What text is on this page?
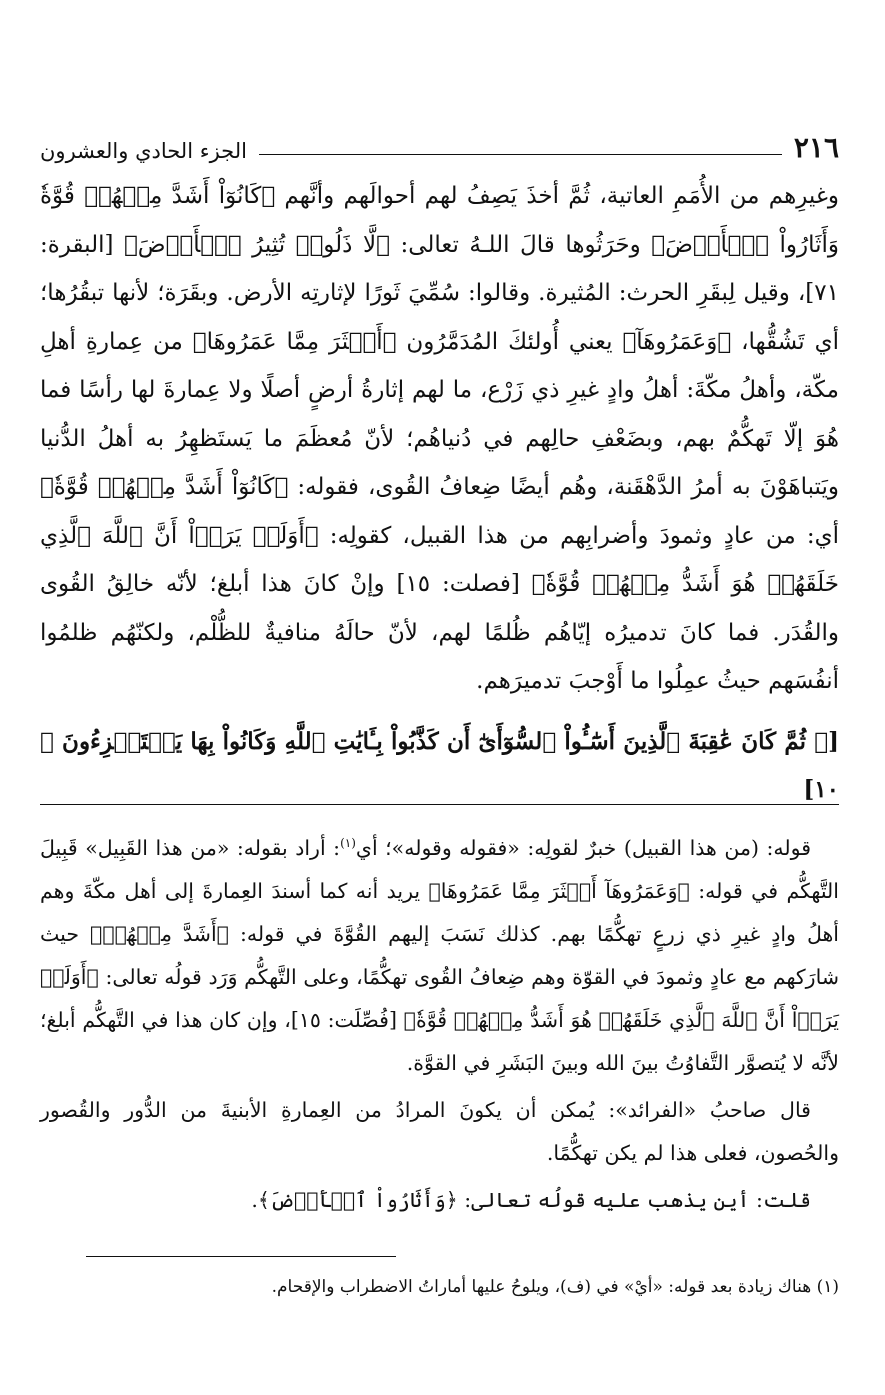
٢١٦
الجزء الحادي والعشرون

وغيرِهم من الأُمَمِ العاتية، ثُمَّ أخذَ يَصِفُ لهم أحوالَهم وأنَّهم ﴿كَانُوٓاْ أَشَدَّ مِنۡهُمۡ قُوَّةٗ وَأَثَارُواْ ٱلۡأَرۡضَ﴾ وحَرَثُوها قالَ اللـهُ تعالى: ﴿لَّا ذَلُولٞ تُثِيرُ ٱلۡأَرۡضَ﴾ [البقرة: ٧١]، وقيل لِبقَرِ الحرث: المُثيرة. وقالوا: سُمِّيَ ثَورًا لإثارتِه الأرض. وبقَرَة؛ لأنها تبقُرُها؛ أي تَشُقُّها، ﴿وَعَمَرُوهَآ﴾ يعني أُولئكَ المُدَمَّرُون ﴿أَكۡثَرَ مِمَّا عَمَرُوهَا﴾ من عِمارةِ أهلِ مكّة، وأهلُ مكّةَ: أهلُ وادٍ غيرِ ذي زَرْع، ما لهم إثارةُ أرضٍ أصلًا ولا عِمارةَ لها رأسًا فما هُوَ إلّا تَهكُّمٌ بهم، وبضَعْفِ حالِهم في دُنياهُم؛ لأنّ مُعظَمَ ما يَستَظهِرُ به أهلُ الدُّنيا ويَتباهَوْنَ به أمرُ الدَّهْقَنة، وهُم أيضًا ضِعافُ القُوى، فقوله: ﴿كَانُوٓاْ أَشَدَّ مِنۡهُمۡ قُوَّةٗ﴾ أي: من عادٍ وثمودَ وأضرابِهم من هذا القبيل، كقولِه: ﴿أَوَلَمۡ يَرَوۡاْ أَنَّ ٱللَّهَ ٱلَّذِي خَلَقَهُمۡ هُوَ أَشَدُّ مِنۡهُمۡ قُوَّةٗ﴾ [فصلت: ١٥] وإنْ كانَ هذا أبلغ؛ لأنّه خالِقُ القُوى والقُدَر. فما كانَ تدميرُه إيّاهُم ظُلمًا لهم، لأنّ حالَهُ منافيةٌ للظُّلْم، ولكنّهُم ظلمُوا أنفُسَهم حيثُ عمِلُوا ما أَوْجبَ تدميرَهم.

[﴿ ثُمَّ كَانَ عَٰقِبَةَ ٱلَّذِينَ أَسَٰٓـُٔواْ ٱلسُّوٓأَىٰٓ أَن كَذَّبُواْ بِـَٔايَٰتِ ٱللَّهِ وَكَانُواْ بِهَا يَسۡتَهۡزِءُونَ ﴾ ١٠]

قوله: (من هذا القبيل) خبرٌ لقولِه: «فقوله وقوله»؛ أي$^{(١)}$: أراد بقوله: «من هذا القَبِيل» قَبِيلَ التَّهكُّم في قوله: ﴿وَعَمَرُوهَآ أَكۡثَرَ مِمَّا عَمَرُوهَا﴾ يريد أنه كما أسندَ العِمارةَ إلى أهل مكّةَ وهم أهلُ وادٍ غيرِ ذي زرعٍ تهكُّمًا بهم. كذلك نَسَبَ إليهم القُوَّةَ في قوله: ﴿أَشَدَّ مِنۡهُمۡ﴾ حيث شارَكهم مع عادٍ وثمودَ في القوّة وهم ضِعافُ القُوى تهكُّمًا، وعلى التَّهكُّم وَرَد قولُه تعالى: ﴿أَوَلَمۡ يَرَوۡاْ أَنَّ ٱللَّهَ ٱلَّذِي خَلَقَهُمۡ هُوَ أَشَدُّ مِنۡهُمۡ قُوَّةٗ﴾ [فُصِّلَت: ١٥]، وإن كان هذا في التَّهكُّم أبلغ؛ لأنَّه لا يُتصوَّر التَّفاوُتُ بينَ الله وبينَ البَشَرِ في القوَّة.

قال صاحبُ «الفرائد»: يُمكن أن يكونَ المرادُ من العِمارةِ الأبنيةَ من الدُّور والقُصور والحُصون، فعلى هذا لم يكن تهكُّمًا.

قلت: أين يذهب عليه قولُه تعالى: ﴿وَأَثَارُواْ ٱلۡأَرۡضَ﴾.

(١) هناك زيادة بعد قوله: «أيْ» في (ف)، ويلوحُ عليها أماراتُ الاضطراب والإقحام.
